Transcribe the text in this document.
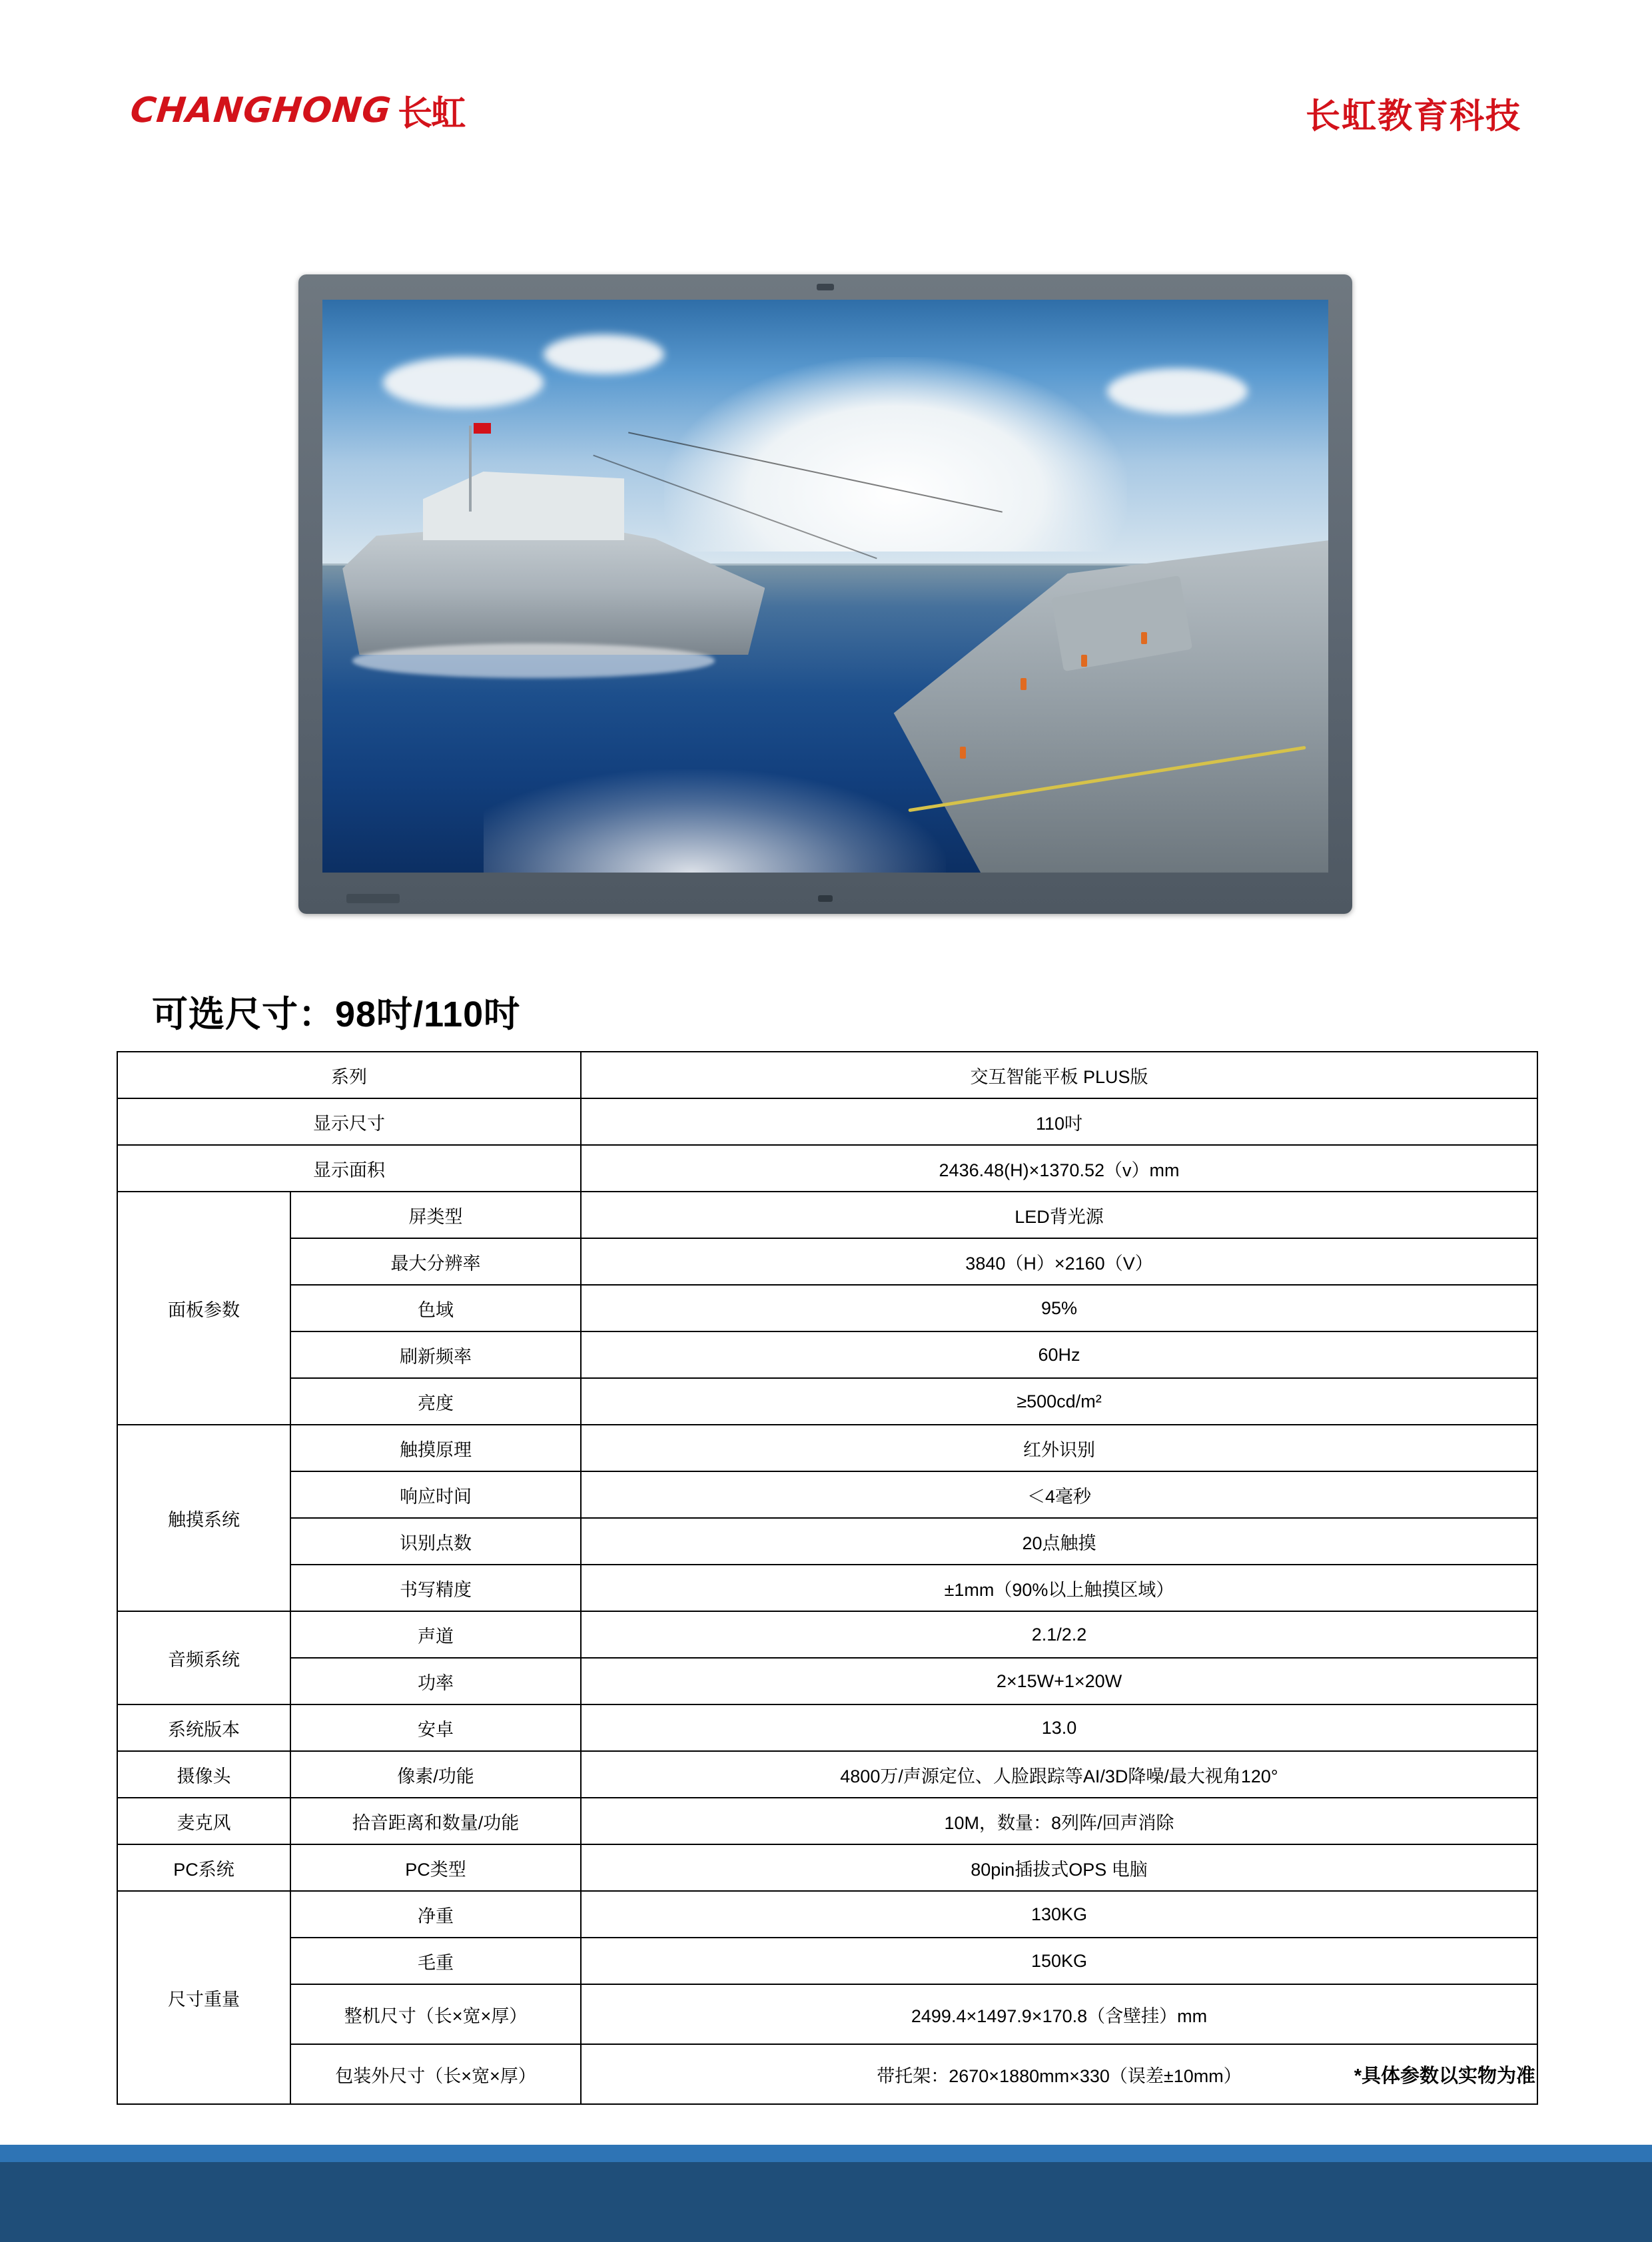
CHANGHONG 长虹	长虹教育科技
可选尺寸：98吋/110吋
系列		交互智能平板 PLUS版
显示尺寸		110吋
显示面积		2436.48(H)×1370.52（v）mm
面板参数	屏类型	LED背光源
	最大分辨率	3840（H）×2160（V）
	色域	95%
	刷新频率	60Hz
	亮度	≥500cd/m²
触摸系统	触摸原理	红外识别
	响应时间	＜4毫秒
	识别点数	20点触摸
	书写精度	±1mm（90%以上触摸区域）
音频系统	声道	2.1/2.2
	功率	2×15W+1×20W
系统版本	安卓	13.0
摄像头	像素/功能	4800万/声源定位、人脸跟踪等AI/3D降噪/最大视角120°
麦克风	拾音距离和数量/功能	10M，数量：8列阵/回声消除
PC系统	PC类型	80pin插拔式OPS 电脑
尺寸重量	净重	130KG
	毛重	150KG
	整机尺寸（长×宽×厚）	2499.4×1497.9×170.8（含壁挂）mm
	包装外尺寸（长×宽×厚）	带托架：2670×1880mm×330（误差±10mm）	*具体参数以实物为准
